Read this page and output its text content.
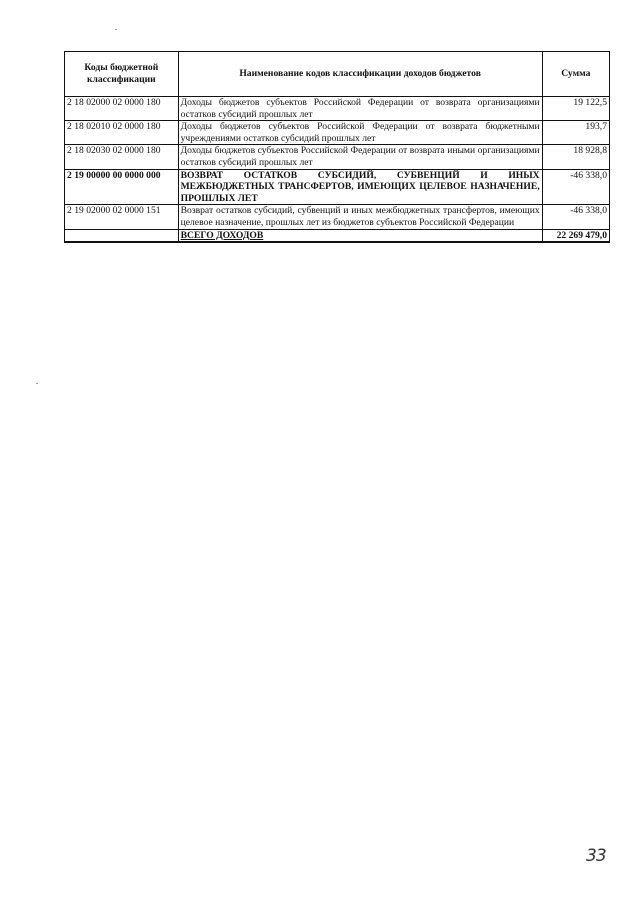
Коды бюджетной классификации	Наименование кодов классификации доходов бюджетов	Сумма
2 18 02000 02 0000 180	Доходы бюджетов субъектов Российской Федерации от возврата организациями остатков субсидий прошлых лет	19 122,5
2 18 02010 02 0000 180	Доходы бюджетов субъектов Российской Федерации от возврата бюджетными учреждениями остатков субсидий прошлых лет	193,7
2 18 02030 02 0000 180	Доходы бюджетов субъектов Российской Федерации от возврата иными организациями остатков субсидий прошлых лет	18 928,8
2 19 00000 00 0000 000	ВОЗВРАТ ОСТАТКОВ СУБСИДИЙ, СУБВЕНЦИЙ И ИНЫХ МЕЖБЮДЖЕТНЫХ ТРАНСФЕРТОВ, ИМЕЮЩИХ ЦЕЛЕВОЕ НАЗНАЧЕНИЕ, ПРОШЛЫХ ЛЕТ	-46 338,0
2 19 02000 02 0000 151	Возврат остатков субсидий, субвенций и иных межбюджетных трансфертов, имеющих целевое назначение, прошлых лет из бюджетов субъектов Российской Федерации	-46 338,0
	ВСЕГО ДОХОДОВ	22 269 479,0
33
